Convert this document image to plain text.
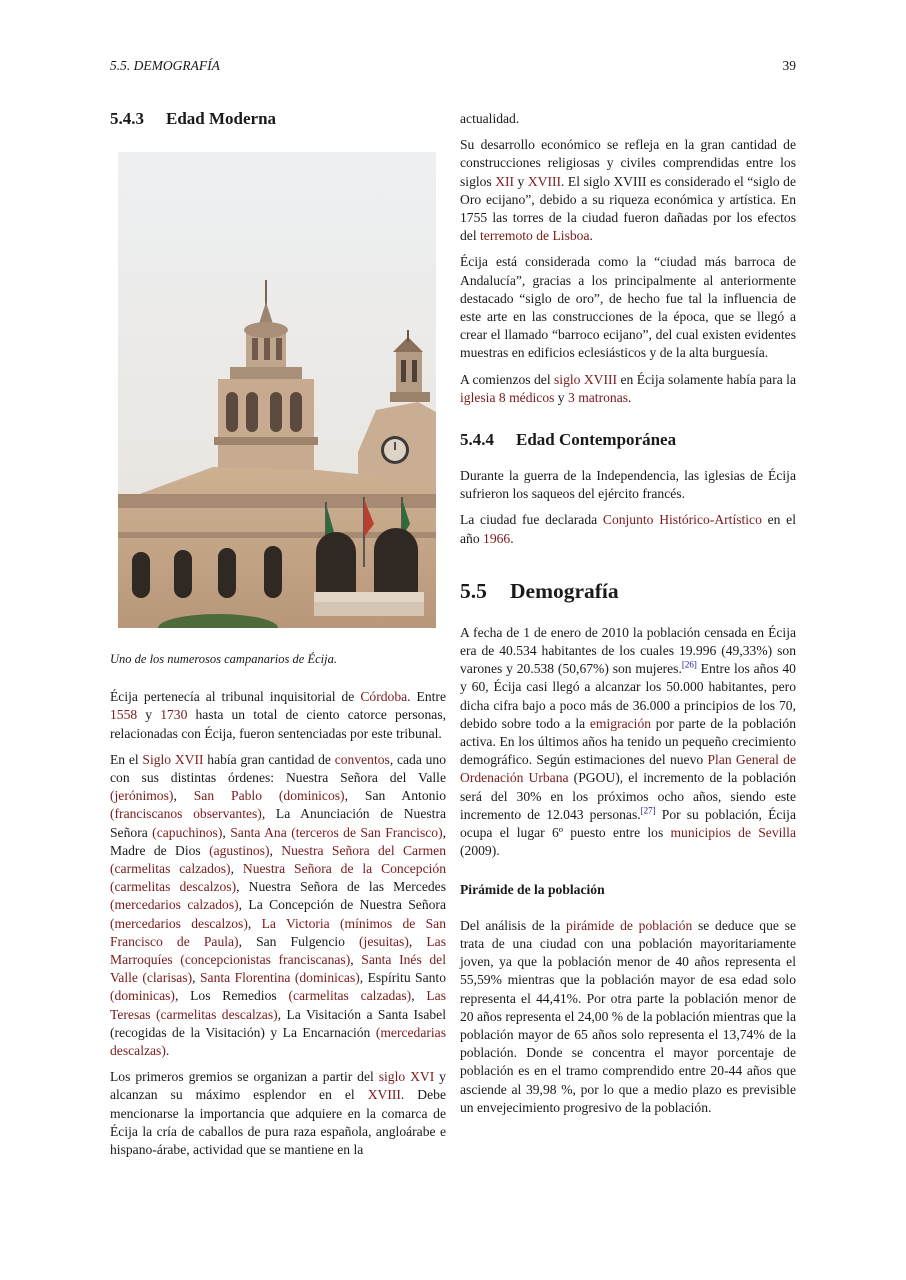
5.5. DEMOGRAFÍA	39
5.4.3 Edad Moderna

Uno de los numerosos campanarios de Écija.

Écija pertenecía al tribunal inquisitorial de Córdoba. Entre 1558 y 1730 hasta un total de ciento catorce personas, relacionadas con Écija, fueron sentenciadas por este tribunal.

En el Siglo XVII había gran cantidad de conventos, cada uno con sus distintas órdenes: Nuestra Señora del Valle (jerónimos), San Pablo (dominicos), San Antonio (franciscanos observantes), La Anunciación de Nuestra Señora (capuchinos), Santa Ana (terceros de San Francisco), Madre de Dios (agustinos), Nuestra Señora del Carmen (carmelitas calzados), Nuestra Señora de la Concepción (carmelitas descalzos), Nuestra Señora de las Mercedes (mercedarios calzados), La Concepción de Nuestra Señora (mercedarios descalzos), La Victoria (mínimos de San Francisco de Paula), San Fulgencio (jesuitas), Las Marroquíes (concepcionistas franciscanas), Santa Inés del Valle (clarisas), Santa Florentina (dominicas), Espíritu Santo (dominicas), Los Remedios (carmelitas calzadas), Las Teresas (carmelitas descalzas), La Visitación a Santa Isabel (recogidas de la Visitación) y La Encarnación (mercedarias descalzas).

Los primeros gremios se organizan a partir del siglo XVI y alcanzan su máximo esplendor en el XVIII. Debe mencionarse la importancia que adquiere en la comarca de Écija la cría de caballos de pura raza española, angloárabe e hispano-árabe, actividad que se mantiene en la

actualidad.

Su desarrollo económico se refleja en la gran cantidad de construcciones religiosas y civiles comprendidas entre los siglos XII y XVIII. El siglo XVIII es considerado el “siglo de Oro ecijano”, debido a su riqueza económica y artística. En 1755 las torres de la ciudad fueron dañadas por los efectos del terremoto de Lisboa.

Écija está considerada como la “ciudad más barroca de Andalucía”, gracias a los principalmente al anteriormente destacado “siglo de oro”, de hecho fue tal la influencia de este arte en las construcciones de la época, que se llegó a crear el llamado “barroco ecijano”, del cual existen evidentes muestras en edificios eclesiásticos y de la alta burguesía.

A comienzos del siglo XVIII en Écija solamente había para la iglesia 8 médicos y 3 matronas.

5.4.4 Edad Contemporánea

Durante la guerra de la Independencia, las iglesias de Écija sufrieron los saqueos del ejército francés.

La ciudad fue declarada Conjunto Histórico-Artístico en el año 1966.

5.5 Demografía

A fecha de 1 de enero de 2010 la población censada en Écija era de 40.534 habitantes de los cuales 19.996 (49,33%) son varones y 20.538 (50,67%) son mujeres.[26] Entre los años 40 y 60, Écija casi llegó a alcanzar los 50.000 habitantes, pero dicha cifra bajo a poco más de 36.000 a principios de los 70, debido sobre todo a la emigración por parte de la población activa. En los últimos años ha tenido un pequeño crecimiento demográfico. Según estimaciones del nuevo Plan General de Ordenación Urbana (PGOU), el incremento de la población será del 30% en los próximos ocho años, siendo este incremento de 12.043 personas.[27] Por su población, Écija ocupa el lugar 6º puesto entre los municipios de Sevilla (2009).

Pirámide de la población

Del análisis de la pirámide de población se deduce que se trata de una ciudad con una población mayoritariamente joven, ya que la población menor de 40 años representa el 55,59% mientras que la población mayor de esa edad solo representa el 44,41%. Por otra parte la población menor de 20 años representa el 24,00 % de la población mientras que la población mayor de 65 años solo representa el 13,74% de la población. Donde se concentra el mayor porcentaje de población es en el tramo comprendido entre 20-44 años que asciende al 39,98 %, por lo que a medio plazo es previsible un envejecimiento progresivo de la población.
